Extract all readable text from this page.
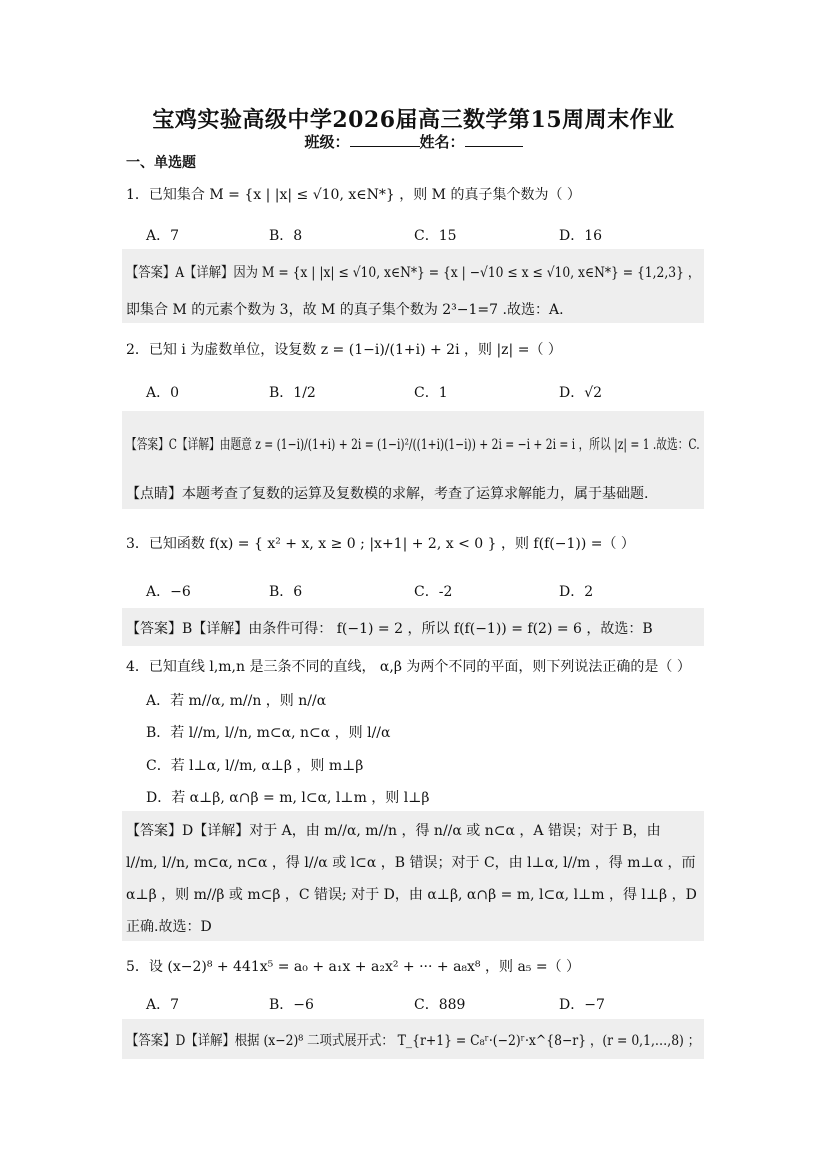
宝鸡实验高级中学2026届高三数学第15周周末作业
班级：	姓名：
一、单选题
1．已知集合 M = {x | |x| ≤ √10, x∈N*} ，则 M 的真子集个数为（ ）
A．7	B．8	C．15	D．16
【答案】A【详解】因为 M = {x | |x| ≤ √10, x∈N*} = {x | −√10 ≤ x ≤ √10, x∈N*} = {1,2,3} ，
即集合 M 的元素个数为 3，故 M 的真子集个数为 2³−1=7 .故选：A.
2．已知 i 为虚数单位，设复数 z = (1−i)/(1+i) + 2i ，则 |z| =（ ）
A．0	B．1/2	C．1	D．√2
【答案】C【详解】由题意 z = (1−i)/(1+i) + 2i = (1−i)²/((1+i)(1−i)) + 2i = −i + 2i = i ，所以 |z| = 1 .故选：C.
【点睛】本题考查了复数的运算及复数模的求解，考查了运算求解能力，属于基础题.
3．已知函数 f(x) = { x² + x, x ≥ 0 ; |x+1| + 2, x < 0 } ，则 f(f(−1)) =（ ）
A．−6	B．6	C．-2	D．2
【答案】B【详解】由条件可得： f(−1) = 2 ，所以 f(f(−1)) = f(2) = 6 ，故选：B
4．已知直线 l,m,n 是三条不同的直线， α,β 为两个不同的平面，则下列说法正确的是（ ）
A．若 m//α, m//n ，则 n//α
B．若 l//m, l//n, m⊂α, n⊂α ，则 l//α
C．若 l⊥α, l//m, α⊥β ，则 m⊥β
D．若 α⊥β, α∩β = m, l⊂α, l⊥m ，则 l⊥β
【答案】D【详解】对于 A，由 m//α, m//n ，得 n//α 或 n⊂α ，A 错误；对于 B，由
l//m, l//n, m⊂α, n⊂α ，得 l//α 或 l⊂α ，B 错误；对于 C，由 l⊥α, l//m ，得 m⊥α ，而
α⊥β ，则 m//β 或 m⊂β ，C 错误; 对于 D，由 α⊥β, α∩β = m, l⊂α, l⊥m ，得 l⊥β ，D
正确.故选：D
5．设 (x−2)⁸ + 441x⁵ = a₀ + a₁x + a₂x² + ··· + a₈x⁸ ，则 a₅ =（ ）
A．7	B．−6	C．889	D．−7
【答案】D【详解】根据 (x−2)⁸ 二项式展开式： T_{r+1} = C₈ʳ·(−2)ʳ·x^{8−r} ，(r = 0,1,…,8) ；
